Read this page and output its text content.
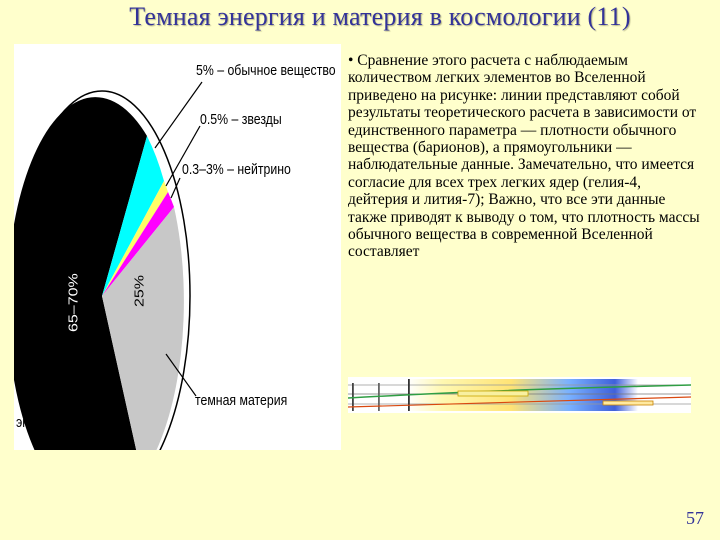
Темная энергия и материя в космологии (11)
5% – обычное вещество
0.5% – звезды
0.3–3% – нейтрино
темная материя
темная
энергия
25%
65–70%
• Сравнение этого расчета с наблюдаемым количеством легких элементов во Вселенной приведено на рисунке: линии представляют собой результаты теоретического расчета в зависимости от единственного параметра — плотности обычного вещества (барионов), а прямоугольники — наблюдательные данные. Замечательно, что имеется согласие для всех трех легких ядер (гелия-4, дейтерия и лития-7); Важно, что все эти данные также приводят к выводу о том, что плотность массы обычного вещества в современной Вселенной составляет
57
